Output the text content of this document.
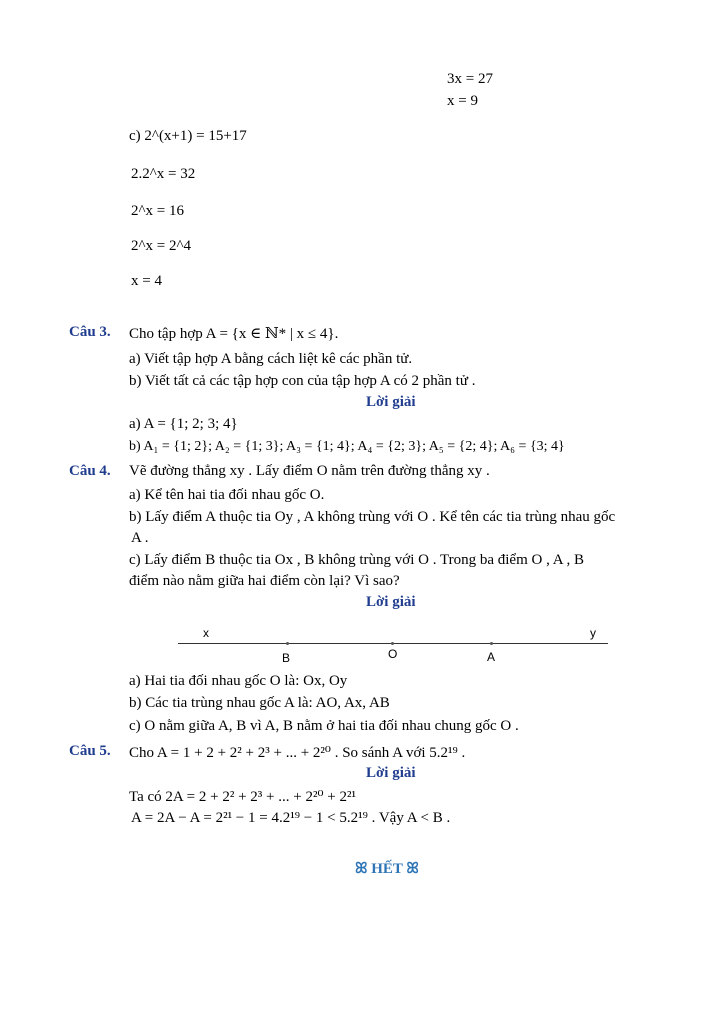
3x = 27
x = 9
c) 2^(x+1) = 15+17
2.2^x = 32
2^x = 16
2^x = 2^4
x = 4
Câu 3. Cho tập hợp A = {x ∈ ℕ* | x ≤ 4}.
a) Viết tập hợp A bằng cách liệt kê các phần tử.
b) Viết tất cả các tập hợp con của tập hợp A có 2 phần tử .
Lời giải
a) A = {1; 2; 3; 4}
b) A₁ = {1; 2}; A₂ = {1; 3}; A₃ = {1; 4}; A₄ = {2; 3}; A₅ = {2; 4}; A₆ = {3; 4}
Câu 4. Vẽ đường thẳng xy . Lấy điểm O nằm trên đường thẳng xy .
a) Kể tên hai tia đối nhau gốc O.
b) Lấy điểm A thuộc tia Oy , A không trùng với O . Kể tên các tia trùng nhau gốc
A .
c) Lấy điểm B thuộc tia Ox , B không trùng với O . Trong ba điểm O , A , B
điểm nào nằm giữa hai điểm còn lại? Vì sao?
Lời giải
x	y
B	O	A
a) Hai tia đối nhau gốc O là: Ox, Oy
b) Các tia trùng nhau gốc A là: AO, Ax, AB
c) O nằm giữa A, B vì A, B nằm ở hai tia đối nhau chung gốc O .
Câu 5. Cho A = 1 + 2 + 2² + 2³ + ... + 2²⁰ . So sánh A với 5.2¹⁹ .
Lời giải
Ta có 2A = 2 + 2² + 2³ + ... + 2²⁰ + 2²¹
A = 2A − A = 2²¹ − 1 = 4.2¹⁹ − 1 < 5.2¹⁹ . Vậy A < B .
ꕤ HẾT ꕤ
